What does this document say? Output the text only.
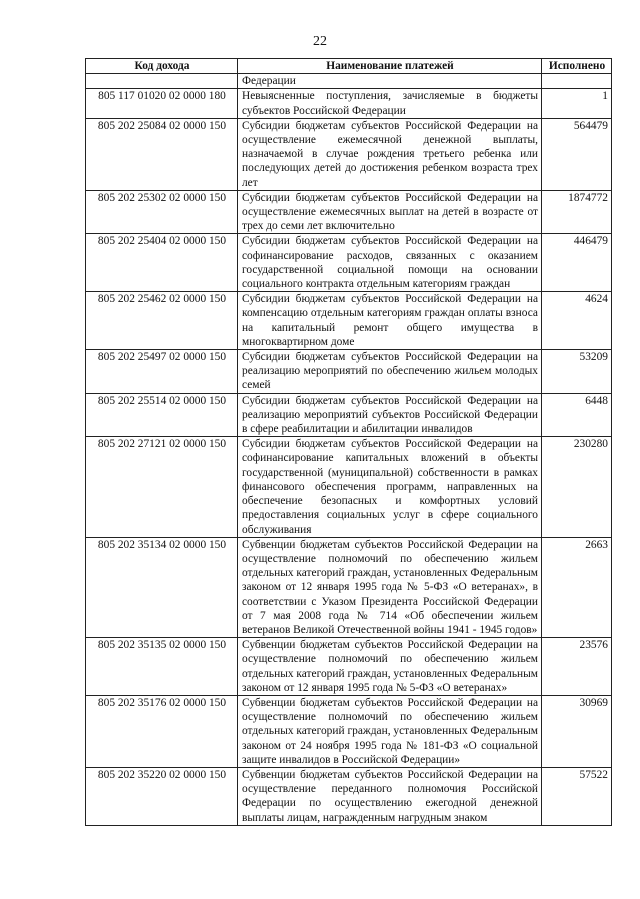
22
Код дохода	Наименование платежей	Исполнено
	Федерации	
805 117 01020 02 0000 180	Невыясненные поступления, зачисляемые в бюджеты субъектов Российской Федерации	1
805 202 25084 02 0000 150	Субсидии бюджетам субъектов Российской Федерации на осуществление ежемесячной денежной выплаты, назначаемой в случае рождения третьего ребенка или последующих детей до достижения ребенком возраста трех лет	564479
805 202 25302 02 0000 150	Субсидии бюджетам субъектов Российской Федерации на осуществление ежемесячных выплат на детей в возрасте от трех до семи лет включительно	1874772
805 202 25404 02 0000 150	Субсидии бюджетам субъектов Российской Федерации на софинансирование расходов, связанных с оказанием государственной социальной помощи на основании социального контракта отдельным категориям граждан	446479
805 202 25462 02 0000 150	Субсидии бюджетам субъектов Российской Федерации на компенсацию отдельным категориям граждан оплаты взноса на капитальный ремонт общего имущества в многоквартирном доме	4624
805 202 25497 02 0000 150	Субсидии бюджетам субъектов Российской Федерации на реализацию мероприятий по обеспечению жильем молодых семей	53209
805 202 25514 02 0000 150	Субсидии бюджетам субъектов Российской Федерации на реализацию мероприятий субъектов Российской Федерации в сфере реабилитации и абилитации инвалидов	6448
805 202 27121 02 0000 150	Субсидии бюджетам субъектов Российской Федерации на софинансирование капитальных вложений в объекты государственной (муниципальной) собственности в рамках финансового обеспечения программ, направленных на обеспечение безопасных и комфортных условий предоставления социальных услуг в сфере социального обслуживания	230280
805 202 35134 02 0000 150	Субвенции бюджетам субъектов Российской Федерации на осуществление полномочий по обеспечению жильем отдельных категорий граждан, установленных Федеральным законом от 12 января 1995 года № 5-ФЗ «О ветеранах», в соответствии с Указом Президента Российской Федерации от 7 мая 2008 года № 714 «Об обеспечении жильем ветеранов Великой Отечественной войны 1941 - 1945 годов»	2663
805 202 35135 02 0000 150	Субвенции бюджетам субъектов Российской Федерации на осуществление полномочий по обеспечению жильем отдельных категорий граждан, установленных Федеральным законом от 12 января 1995 года № 5-ФЗ «О ветеранах»	23576
805 202 35176 02 0000 150	Субвенции бюджетам субъектов Российской Федерации на осуществление полномочий по обеспечению жильем отдельных категорий граждан, установленных Федеральным законом от 24 ноября 1995 года № 181-ФЗ «О социальной защите инвалидов в Российской Федерации»	30969
805 202 35220 02 0000 150	Субвенции бюджетам субъектов Российской Федерации на осуществление переданного полномочия Российской Федерации по осуществлению ежегодной денежной выплаты лицам, награжденным нагрудным знаком	57522
